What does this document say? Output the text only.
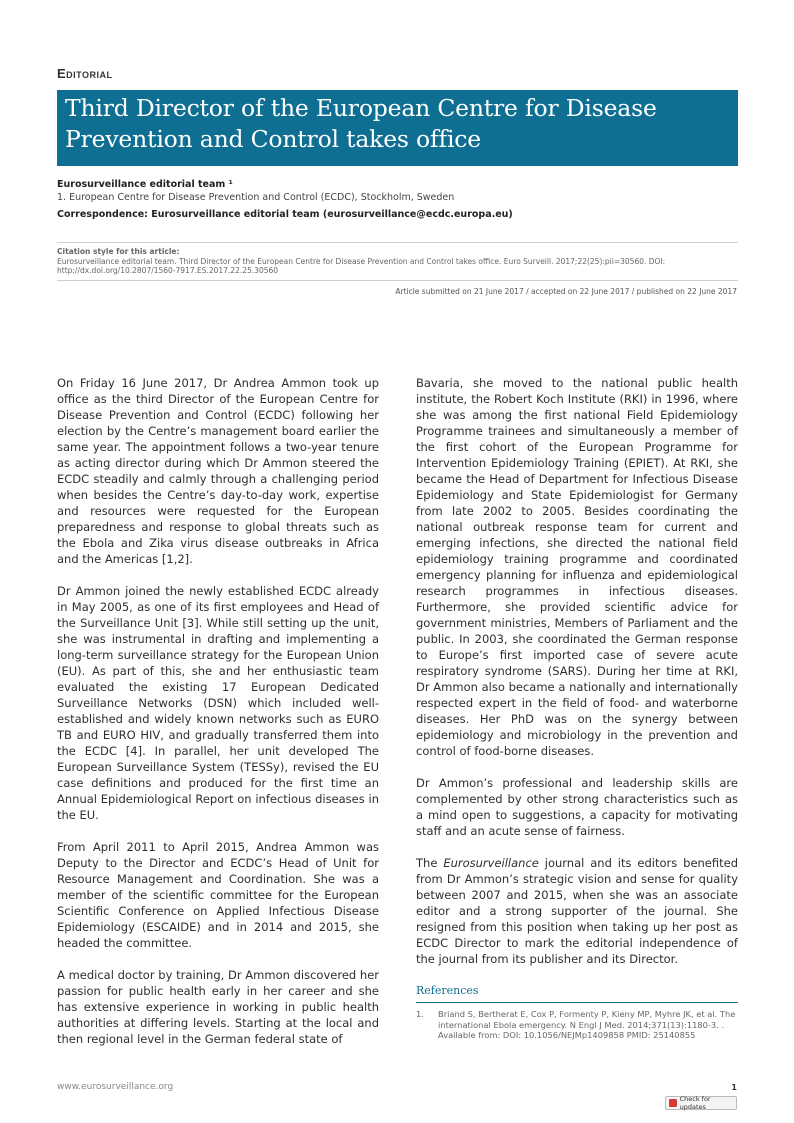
Editorial
Third Director of the European Centre for Disease Prevention and Control takes office
Eurosurveillance editorial team ¹
1. European Centre for Disease Prevention and Control (ECDC), Stockholm, Sweden
Correspondence: Eurosurveillance editorial team (eurosurveillance@ecdc.europa.eu)
Citation style for this article:
Eurosurveillance editorial team. Third Director of the European Centre for Disease Prevention and Control takes office. Euro Surveill. 2017;22(25):pii=30560. DOI: http://dx.doi.org/10.2807/1560-7917.ES.2017.22.25.30560
Article submitted on 21 June 2017 / accepted on 22 June 2017 / published on 22 June 2017

On Friday 16 June 2017, Dr Andrea Ammon took up office as the third Director of the European Centre for Disease Prevention and Control (ECDC) following her election by the Centre’s management board earlier the same year. The appointment follows a two-year tenure as acting director during which Dr Ammon steered the ECDC steadily and calmly through a challenging period when besides the Centre’s day-to-day work, expertise and resources were requested for the European preparedness and response to global threats such as the Ebola and Zika virus disease outbreaks in Africa and the Americas [1,2].

Dr Ammon joined the newly established ECDC already in May 2005, as one of its first employees and Head of the Surveillance Unit [3]. While still setting up the unit, she was instrumental in drafting and implementing a long-term surveillance strategy for the European Union (EU). As part of this, she and her enthusiastic team evaluated the existing 17 European Dedicated Surveillance Networks (DSN) which included well-established and widely known networks such as EURO TB and EURO HIV, and gradually transferred them into the ECDC [4]. In parallel, her unit developed The European Surveillance System (TESSy), revised the EU case definitions and produced for the first time an Annual Epidemiological Report on infectious diseases in the EU.

From April 2011 to April 2015, Andrea Ammon was Deputy to the Director and ECDC’s Head of Unit for Resource Management and Coordination. She was a member of the scientific committee for the European Scientific Conference on Applied Infectious Disease Epidemiology (ESCAIDE) and in 2014 and 2015, she headed the committee.

A medical doctor by training, Dr Ammon discovered her passion for public health early in her career and she has extensive experience in working in public health authorities at differing levels. Starting at the local and then regional level in the German federal state of

Bavaria, she moved to the national public health institute, the Robert Koch Institute (RKI) in 1996, where she was among the first national Field Epidemiology Programme trainees and simultaneously a member of the first cohort of the European Programme for Intervention Epidemiology Training (EPIET). At RKI, she became the Head of Department for Infectious Disease Epidemiology and State Epidemiologist for Germany from late 2002 to 2005. Besides coordinating the national outbreak response team for current and emerging infections, she directed the national field epidemiology training programme and coordinated emergency planning for influenza and epidemiological research programmes in infectious diseases. Furthermore, she provided scientific advice for government ministries, Members of Parliament and the public. In 2003, she coordinated the German response to Europe’s first imported case of severe acute respiratory syndrome (SARS). During her time at RKI, Dr Ammon also became a nationally and internationally respected expert in the field of food- and waterborne diseases. Her PhD was on the synergy between epidemiology and microbiology in the prevention and control of food-borne diseases.

Dr Ammon’s professional and leadership skills are complemented by other strong characteristics such as a mind open to suggestions, a capacity for motivating staff and an acute sense of fairness.

The Eurosurveillance journal and its editors benefited from Dr Ammon’s strategic vision and sense for quality between 2007 and 2015, when she was an associate editor and a strong supporter of the journal. She resigned from this position when taking up her post as ECDC Director to mark the editorial independence of the journal from its publisher and its Director.

References
1.	Briand S, Bertherat E, Cox P, Formenty P, Kieny MP, Myhre JK, et al. The international Ebola emergency. N Engl J Med. 2014;371(13):1180-3. . Available from: DOI: 10.1056/NEJMp1409858 PMID: 25140855
www.eurosurveillance.org	1
Check for updates
